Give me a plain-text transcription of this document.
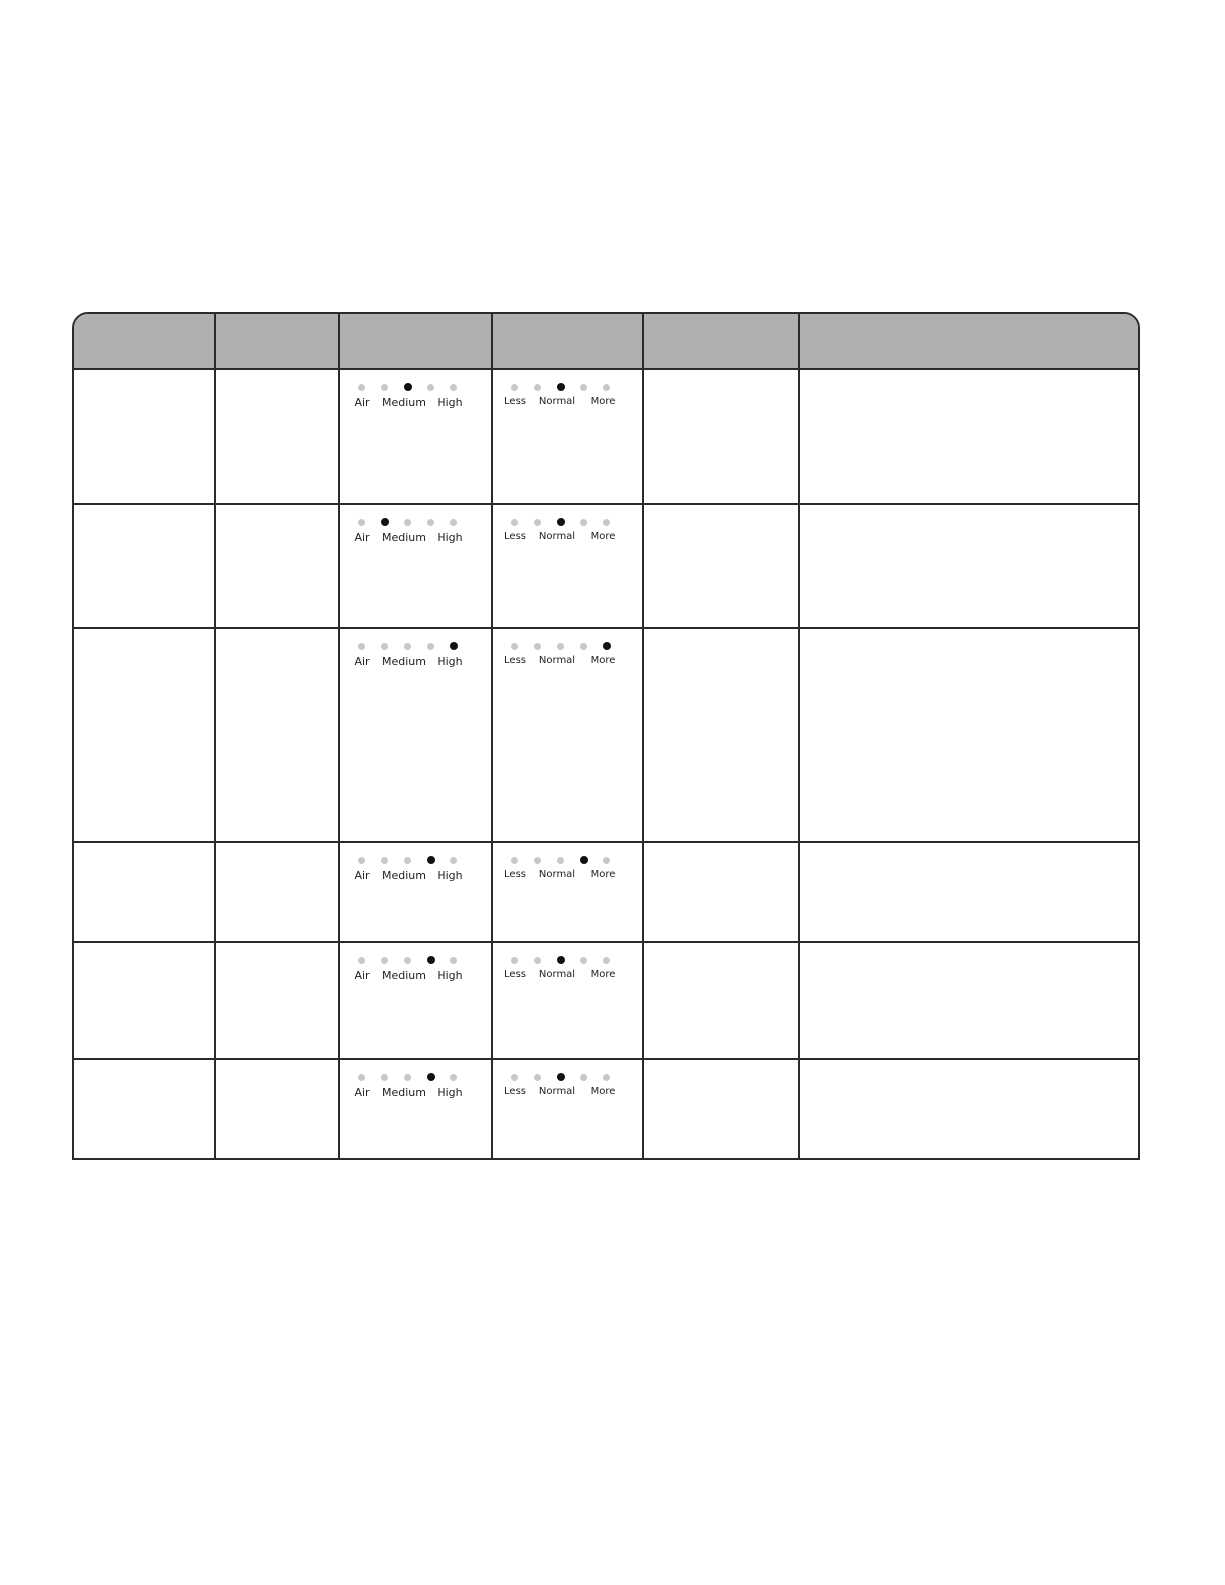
Air Medium High	Less Normal More
Air Medium High	Less Normal More
Air Medium High	Less Normal More
Air Medium High	Less Normal More
Air Medium High	Less Normal More
Air Medium High	Less Normal More
